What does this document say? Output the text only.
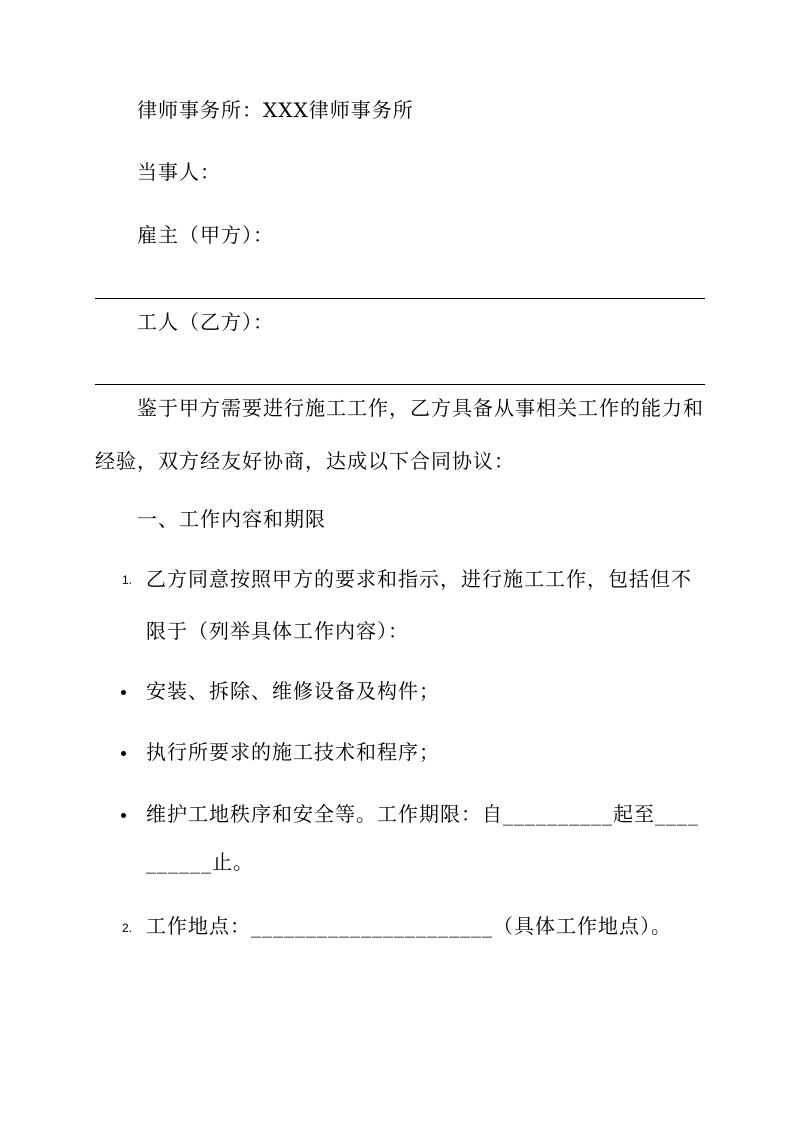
律师事务所：XXX律师事务所
当事人：
雇主（甲方）：
工人（乙方）：
鉴于甲方需要进行施工工作，乙方具备从事相关工作的能力和
经验，双方经友好协商，达成以下合同协议：
一、工作内容和期限
1. 乙方同意按照甲方的要求和指示，进行施工工作，包括但不
限于（列举具体工作内容）：
安装、拆除、维修设备及构件；
执行所要求的施工技术和程序；
维护工地秩序和安全等。工作期限：自__________起至____
______止。
2. 工作地点：______________________（具体工作地点）。
